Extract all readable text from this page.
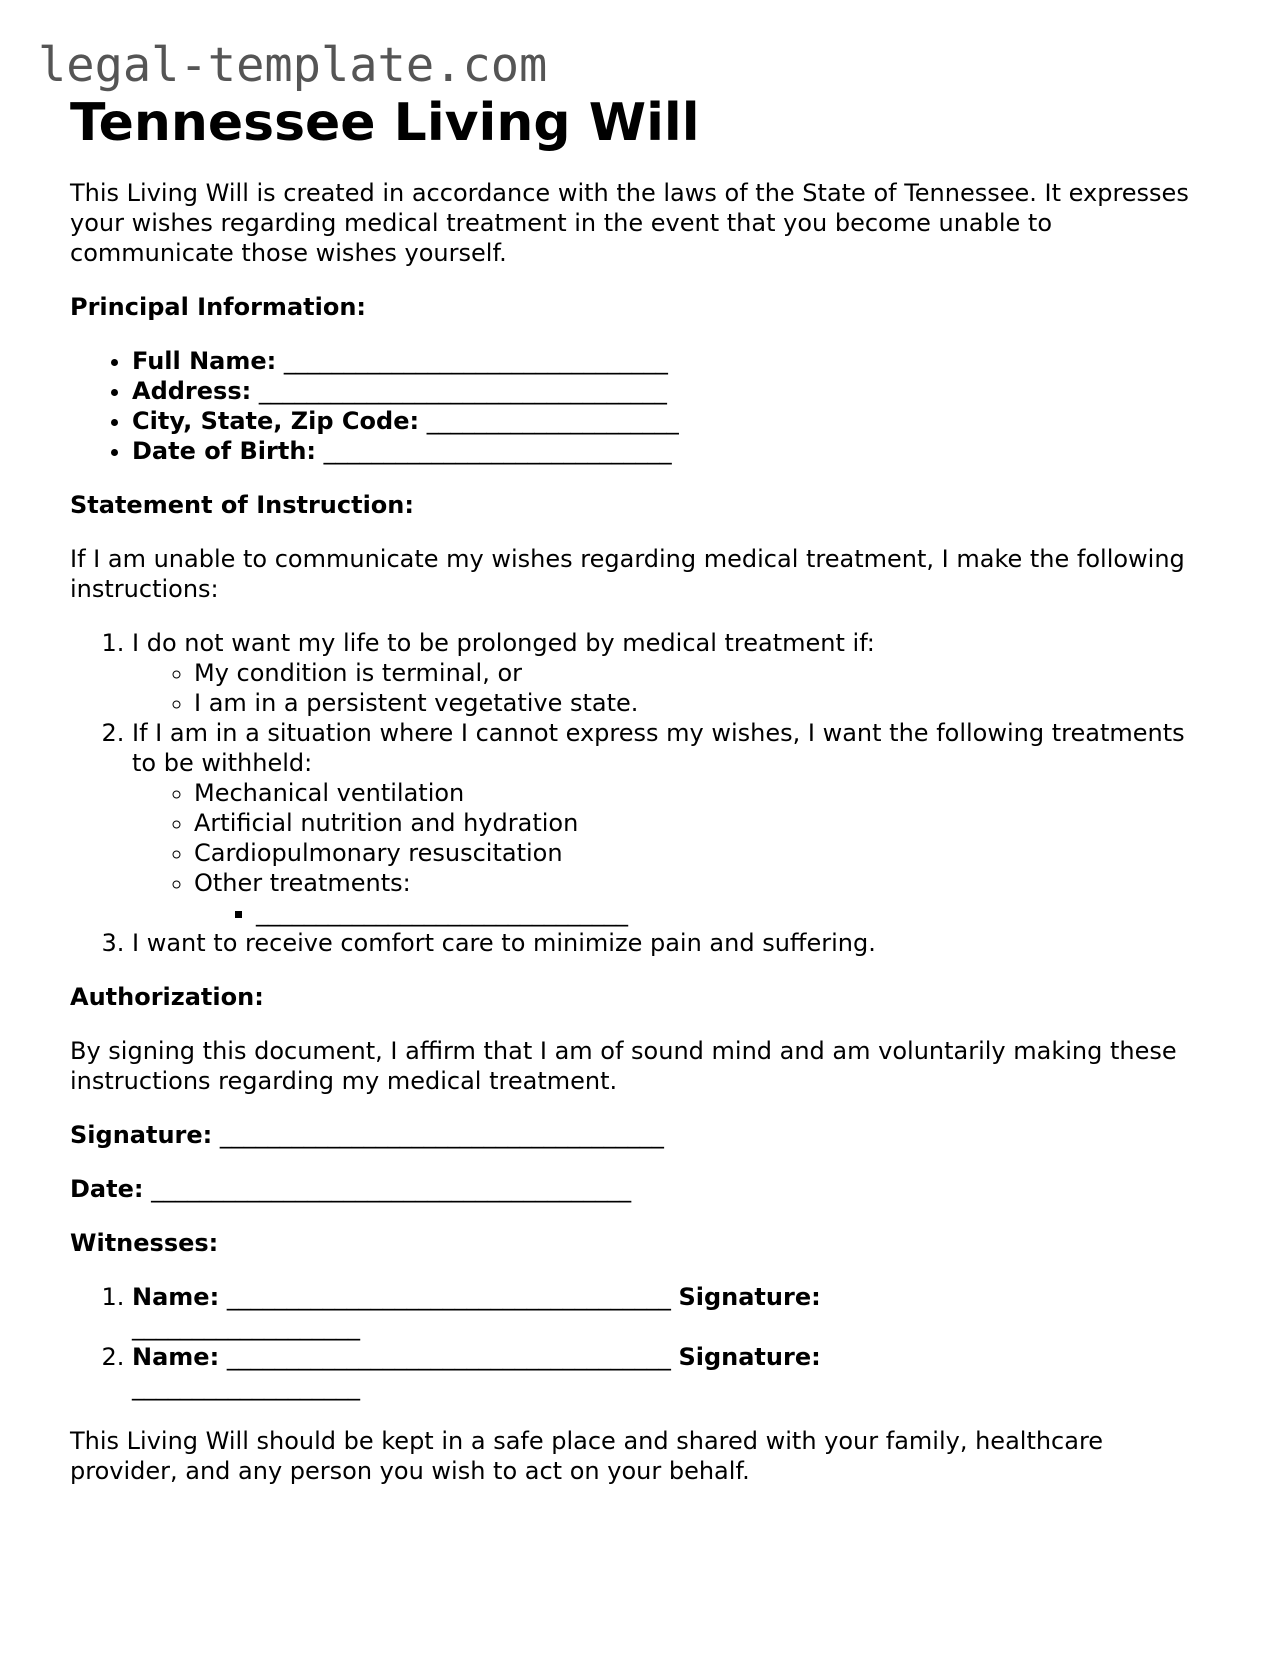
legal-template.com
Tennessee Living Will

This Living Will is created in accordance with the laws of the State of Tennessee. It expresses your wishes regarding medical treatment in the event that you become unable to communicate those wishes yourself.

Principal Information:

• Full Name: ________________________________
• Address: __________________________________
• City, State, Zip Code: _____________________
• Date of Birth: _____________________________

Statement of Instruction:

If I am unable to communicate my wishes regarding medical treatment, I make the following instructions:

1. I do not want my life to be prolonged by medical treatment if:
◦ My condition is terminal, or
◦ I am in a persistent vegetative state.
2. If I am in a situation where I cannot express my wishes, I want the following treatments to be withheld:
◦ Mechanical ventilation
◦ Artificial nutrition and hydration
◦ Cardiopulmonary resuscitation
◦ Other treatments:
▪ _______________________________
3. I want to receive comfort care to minimize pain and suffering.

Authorization:

By signing this document, I affirm that I am of sound mind and am voluntarily making these instructions regarding my medical treatment.

Signature: _____________________________________

Date: ________________________________________

Witnesses:

1. Name: _____________________________________ Signature:
___________________
2. Name: _____________________________________ Signature:
___________________

This Living Will should be kept in a safe place and shared with your family, healthcare provider, and any person you wish to act on your behalf.
